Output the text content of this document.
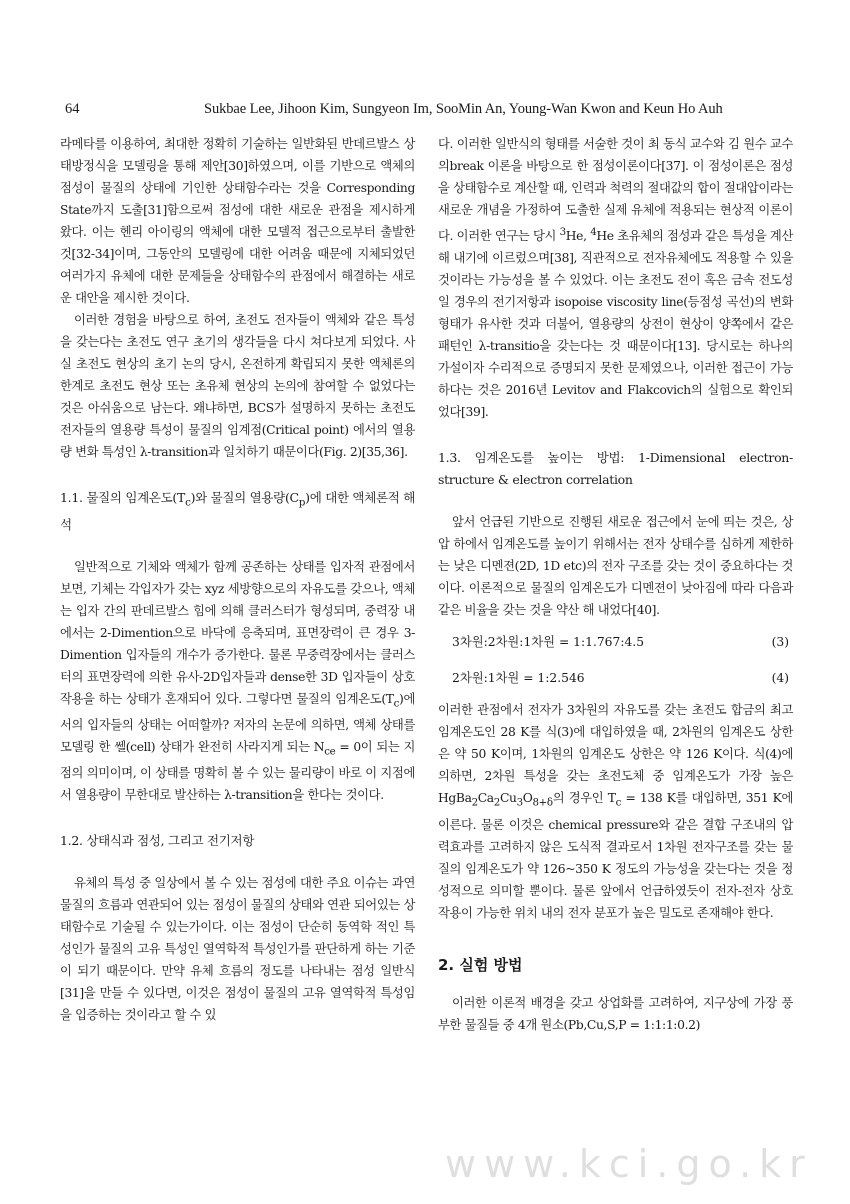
64	Sukbae Lee, Jihoon Kim, Sungyeon Im, SooMin An, Young-Wan Kwon and Keun Ho Auh

라메타를 이용하여, 최대한 정확히 기술하는 일반화된 반데르발스 상태방정식을 모델링을 통해 제안[30]하였으며, 이를 기반으로 액체의 점성이 물질의 상태에 기인한 상태함수라는 것을 Corresponding State까지 도출[31]함으로써 점성에 대한 새로운 관점을 제시하게 왔다. 이는 헨리 아이링의 액체에 대한 모델적 접근으로부터 출발한 것[32-34]이며, 그동안의 모델링에 대한 어려움 때문에 지체되었던 여러가지 유체에 대한 문제들을 상태함수의 관점에서 해결하는 새로운 대안을 제시한 것이다.

이러한 경험을 바탕으로 하여, 초전도 전자들이 액체와 같은 특성을 갖는다는 초전도 연구 초기의 생각들을 다시 쳐다보게 되었다. 사실 초전도 현상의 초기 논의 당시, 온전하게 확립되지 못한 액체론의 한계로 초전도 현상 또는 초유체 현상의 논의에 참여할 수 없었다는 것은 아쉬움으로 남는다. 왜냐하면, BCS가 설명하지 못하는 초전도 전자들의 열용량 특성이 물질의 임계점(Critical point) 에서의 열용량 변화 특성인 λ-transition과 일치하기 때문이다(Fig. 2)[35,36].

1.1. 물질의 임계온도$(T_c)$와 물질의 열용량$(C_p)$에 대한 액체론적 해석

일반적으로 기체와 액체가 함께 공존하는 상태를 입자적 관점에서 보면, 기체는 각입자가 갖는 xyz 세방향으로의 자유도를 갖으나, 액체는 입자 간의 판데르발스 힘에 의해 클러스터가 형성되며, 중력장 내에서는 2-Dimention으로 바닥에 응축되며, 표면장력이 큰 경우 3-Dimention 입자들의 개수가 증가한다. 물론 무중력장에서는 클러스터의 표면장력에 의한 유사-2D입자들과 dense한 3D 입자들이 상호작용을 하는 상태가 혼재되어 있다. 그렇다면 물질의 임계온도$(T_c)$에서의 입자들의 상태는 어떠할까? 저자의 논문에 의하면, 액체 상태를 모델링 한 쎌(cell) 상태가 완전히 사라지게 되는 $N_{ce} = 0$이 되는 지점의 의미이며, 이 상태를 명확히 볼 수 있는 물리량이 바로 이 지점에서 열용량이 무한대로 발산하는 λ-transition을 한다는 것이다.

1.2. 상태식과 점성, 그리고 전기저항

유체의 특성 중 일상에서 볼 수 있는 점성에 대한 주요 이슈는 과연 물질의 흐름과 연관되어 있는 점성이 물질의 상태와 연관 되어있는 상태함수로 기술될 수 있는가이다. 이는 점성이 단순히 동역학 적인 특성인가 물질의 고유 특성인 열역학적 특성인가를 판단하게 하는 기준이 되기 때문이다. 만약 유체 흐름의 정도를 나타내는 점성 일반식[31]을 만들 수 있다면, 이것은 점성이 물질의 고유 열역학적 특성임을 입증하는 것이라고 할 수 있

다. 이러한 일반식의 형태를 서술한 것이 최 동식 교수와 김 원수 교수의break 이론을 바탕으로 한 점성이론이다[37]. 이 점성이론은 점성을 상태함수로 계산할 때, 인력과 척력의 절대값의 합이 절대압이라는 새로운 개념을 가정하여 도출한 실제 유체에 적용되는 현상적 이론이다. 이러한 연구는 당시 $^3$He, $^4$He 초유체의 점성과 같은 특성을 계산해 내기에 이르렀으며[38], 직관적으로 전자유체에도 적용할 수 있을 것이라는 가능성을 볼 수 있었다. 이는 초전도 전이 혹은 금속 전도성일 경우의 전기저항과 isopoise viscosity line(등점성 곡선)의 변화 형태가 유사한 것과 더불어, 열용량의 상전이 현상이 양쪽에서 같은 패턴인 λ-transitio을 갖는다는 것 때문이다[13]. 당시로는 하나의 가설이자 수리적으로 증명되지 못한 문제였으나, 이러한 접근이 가능하다는 것은 2016년 Levitov and Flakcovich의 실험으로 확인되었다[39].

1.3. 임계온도를 높이는 방법: 1-Dimensional electron-structure & electron correlation

앞서 언급된 기반으로 진행된 새로운 접근에서 눈에 띄는 것은, 상압 하에서 임계온도를 높이기 위해서는 전자 상태수를 심하게 제한하는 낮은 디멘젼(2D, 1D etc)의 전자 구조를 갖는 것이 중요하다는 것이다. 이론적으로 물질의 임계온도가 디멘젼이 낮아짐에 따라 다음과 같은 비율을 갖는 것을 약산 해 내었다[40].

3차원:2차원:1차원 = 1:1.767:4.5	(3)
2차원:1차원 = 1:2.546	(4)

이러한 관점에서 전자가 3차원의 자유도를 갖는 초전도 합금의 최고 임계온도인 28 K를 식(3)에 대입하였을 때, 2차원의 임계온도 상한은 약 50 K이며, 1차원의 임계온도 상한은 약 126 K이다. 식(4)에 의하면, 2차원 특성을 갖는 초전도체 중 임계온도가 가장 높은 $HgBa_2Ca_2Cu_3O_{8+\delta}$의 경우인 $T_c = 138$ K를 대입하면, 351 K에 이른다. 물론 이것은 chemical pressure와 같은 결합 구조내의 압력효과를 고려하지 않은 도식적 결과로서 1차원 전자구조를 갖는 물질의 임계온도가 약 126~350 K 정도의 가능성을 갖는다는 것을 정성적으로 의미할 뿐이다. 물론 앞에서 언급하였듯이 전자-전자 상호작용이 가능한 위치 내의 전자 분포가 높은 밀도로 존재해야 한다.

2. 실험 방법

이러한 이론적 배경을 갖고 상업화를 고려하여, 지구상에 가장 풍부한 물질들 중 4개 원소(Pb,Cu,S,P = 1:1:1:0.2)

www.kci.go.kr
